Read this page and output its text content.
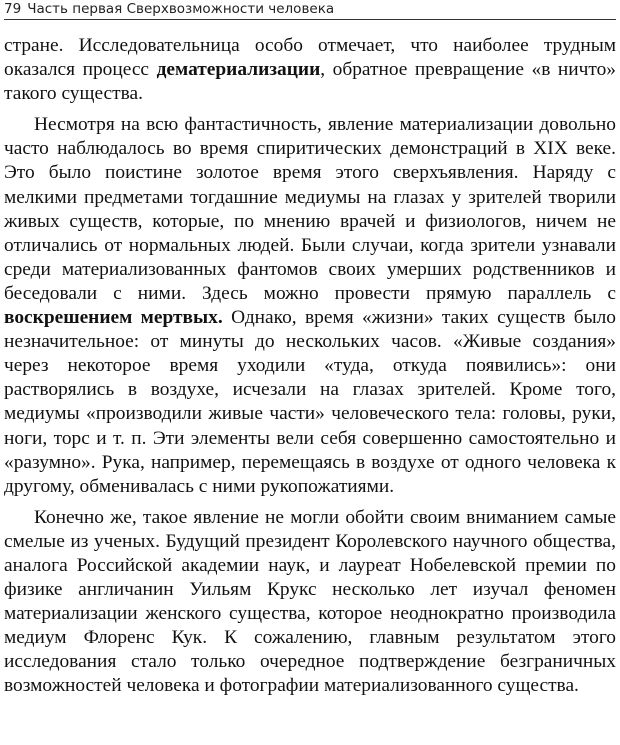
79 Часть первая Сверхвозможности человека

стране. Исследовательница особо отмечает, что наиболее трудным оказался процесс дематериализации, обратное превращение «в ничто» такого существа.

Несмотря на всю фантастичность, явление материализации довольно часто наблюдалось во время спиритических демонстраций в XIX веке. Это было поистине золотое время этого сверхъявления. Наряду с мелкими предметами тогдашние медиумы на глазах у зрителей творили живых существ, которые, по мнению врачей и физиологов, ничем не отличались от нормальных людей. Были случаи, когда зрители узнавали среди материализованных фантомов своих умерших родственников и беседовали с ними. Здесь можно провести прямую параллель с воскрешением мертвых. Однако, время «жизни» таких существ было незначительное: от минуты до нескольких часов. «Живые создания» через некоторое время уходили «туда, откуда появились»: они растворялись в воздухе, исчезали на глазах зрителей. Кроме того, медиумы «производили живые части» человеческого тела: головы, руки, ноги, торс и т. п. Эти элементы вели себя совершенно самостоятельно и «разумно». Рука, например, перемещаясь в воздухе от одного человека к другому, обменивалась с ними рукопожатиями.

Конечно же, такое явление не могли обойти своим вниманием самые смелые из ученых. Будущий президент Королевского научного общества, аналога Российской академии наук, и лауреат Нобелевской премии по физике англичанин Уильям Крукс несколько лет изучал феномен материализации женского существа, которое неоднократно производила медиум Флоренс Кук. К сожалению, главным результатом этого исследования стало только очередное подтверждение безграничных возможностей человека и фотографии материализованного существа.
